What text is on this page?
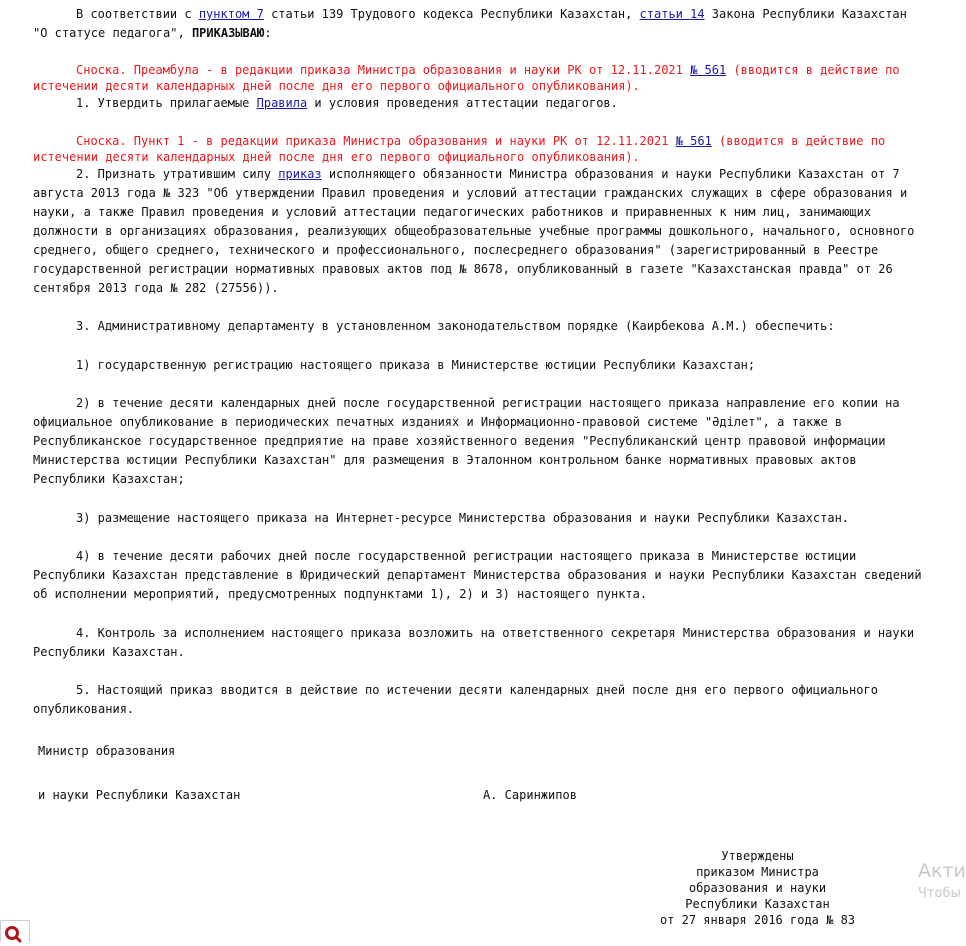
В соответствии с пунктом 7 статьи 139 Трудового кодекса Республики Казахстан, статьи 14 Закона Республики Казахстан
"О статусе педагога", ПРИКАЗЫВАЮ:
Сноска. Преамбула - в редакции приказа Министра образования и науки РК от 12.11.2021 № 561 (вводится в действие по
истечении десяти календарных дней после дня его первого официального опубликования).
1. Утвердить прилагаемые Правила и условия проведения аттестации педагогов.
Сноска. Пункт 1 - в редакции приказа Министра образования и науки РК от 12.11.2021 № 561 (вводится в действие по
истечении десяти календарных дней после дня его первого официального опубликования).
2. Признать утратившим силу приказ исполняющего обязанности Министра образования и науки Республики Казахстан от 7
августа 2013 года № 323 "Об утверждении Правил проведения и условий аттестации гражданских служащих в сфере образования и
науки, а также Правил проведения и условий аттестации педагогических работников и приравненных к ним лиц, занимающих
должности в организациях образования, реализующих общеобразовательные учебные программы дошкольного, начального, основного
среднего, общего среднего, технического и профессионального, послесреднего образования" (зарегистрированный в Реестре
государственной регистрации нормативных правовых актов под № 8678, опубликованный в газете "Казахстанская правда" от 26
сентября 2013 года № 282 (27556)).
3. Административному департаменту в установленном законодательством порядке (Каирбекова А.М.) обеспечить:
1) государственную регистрацию настоящего приказа в Министерстве юстиции Республики Казахстан;
2) в течение десяти календарных дней после государственной регистрации настоящего приказа направление его копии на
официальное опубликование в периодических печатных изданиях и Информационно-правовой системе "Әділет", а также в
Республиканское государственное предприятие на праве хозяйственного ведения "Республиканский центр правовой информации
Министерства юстиции Республики Казахстан" для размещения в Эталонном контрольном банке нормативных правовых актов
Республики Казахстан;
3) размещение настоящего приказа на Интернет-ресурсе Министерства образования и науки Республики Казахстан.
4) в течение десяти рабочих дней после государственной регистрации настоящего приказа в Министерстве юстиции
Республики Казахстан представление в Юридический департамент Министерства образования и науки Республики Казахстан сведений
об исполнении мероприятий, предусмотренных подпунктами 1), 2) и 3) настоящего пункта.
4. Контроль за исполнением настоящего приказа возложить на ответственного секретаря Министерства образования и науки
Республики Казахстан.
5. Настоящий приказ вводится в действие по истечении десяти календарных дней после дня его первого официального
опубликования.
Министр образования
и науки Республики Казахстан	А. Саринжипов
Утверждены
приказом Министра
образования и науки
Республики Казахстан
от 27 января 2016 года № 83
Акти
Чтобы
